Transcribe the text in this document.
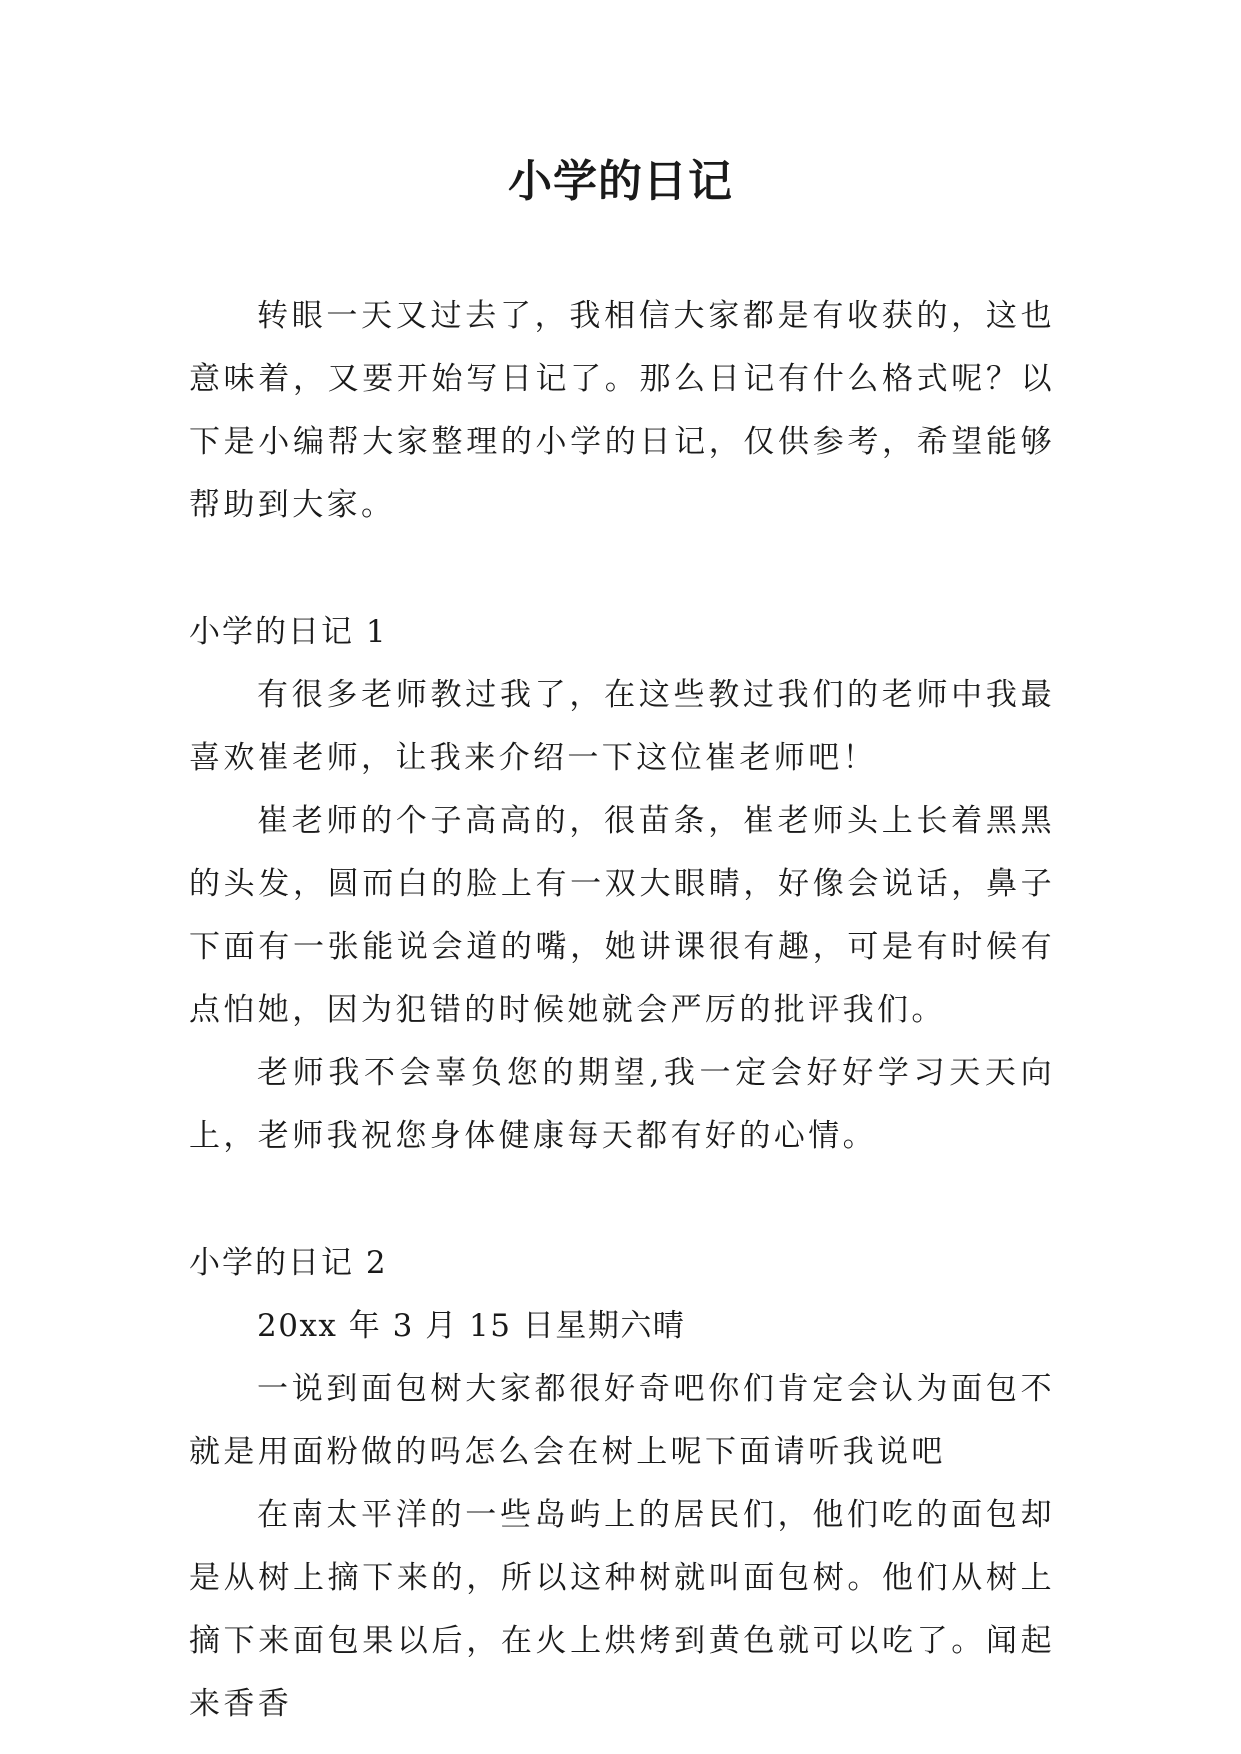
小学的日记

转眼一天又过去了，我相信大家都是有收获的，这也意味着，又要开始写日记了。那么日记有什么格式呢？以下是小编帮大家整理的小学的日记，仅供参考，希望能够帮助到大家。

小学的日记 1

有很多老师教过我了，在这些教过我们的老师中我最喜欢崔老师，让我来介绍一下这位崔老师吧！

崔老师的个子高高的，很苗条，崔老师头上长着黑黑的头发，圆而白的脸上有一双大眼睛，好像会说话，鼻子下面有一张能说会道的嘴，她讲课很有趣，可是有时候有点怕她，因为犯错的时候她就会严厉的批评我们。

老师我不会辜负您的期望,我一定会好好学习天天向上，老师我祝您身体健康每天都有好的心情。

小学的日记 2

20xx 年 3 月 15 日星期六晴

一说到面包树大家都很好奇吧你们肯定会认为面包不就是用面粉做的吗怎么会在树上呢下面请听我说吧

在南太平洋的一些岛屿上的居民们，他们吃的面包却是从树上摘下来的，所以这种树就叫面包树。他们从树上摘下来面包果以后，在火上烘烤到黄色就可以吃了。闻起来香香
